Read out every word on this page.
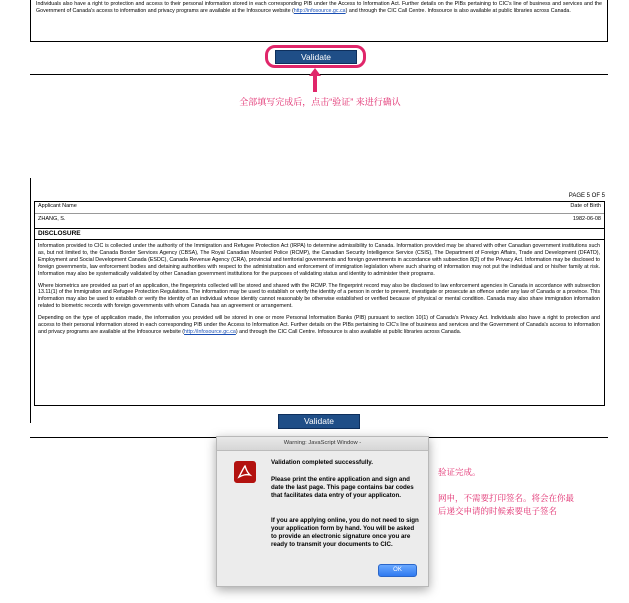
Individuals also have a right to protection and access to their personal information stored in each corresponding PIB under the Access to Information Act. Further details on the PIBs pertaining to CIC's line of business and services and the Government of Canada's access to information and privacy programs are available at the Infosource website (http://infosource.gc.ca) and through the CIC Call Centre. Infosource is also available at public libraries across Canada.
Validate
全部填写完成后，点击“验证” 来进行确认
PAGE 5 OF 5
Applicant Name	Date of Birth
ZHANG, S.	1982-06-08
DISCLOSURE

Information provided to CIC is collected under the authority of the Immigration and Refugee Protection Act (IRPA) to determine admissibility to Canada. Information provided may be shared with other Canadian government institutions such as, but not limited to, the Canada Border Services Agency (CBSA), The Royal Canadian Mounted Police (RCMP), the Canadian Security Intelligence Service (CSIS), The Department of Foreign Affairs, Trade and Development (DFATD), Employment and Social Development Canada (ESDC), Canada Revenue Agency (CRA), provincial and territorial governments and foreign governments in accordance with subsection 8(2) of the Privacy Act. Information may be disclosed to foreign governments, law enforcement bodies and detaining authorities with respect to the administration and enforcement of immigration legislation where such sharing of information may not put the individual and or his/her family at risk. Information may also be systematically validated by other Canadian government institutions for the purposes of validating status and identity to administer their programs.

Where biometrics are provided as part of an application, the fingerprints collected will be stored and shared with the RCMP. The fingerprint record may also be disclosed to law enforcement agencies in Canada in accordance with subsection 13.11(1) of the Immigration and Refugee Protection Regulations. The information may be used to establish or verify the identity of a person in order to prevent, investigate or prosecute an offence under any law of Canada or a province. This information may also be used to establish or verify the identity of an individual whose identity cannot reasonably be otherwise established or verified because of physical or mental condition. Canada may also share immigration information related to biometric records with foreign governments with whom Canada has an agreement or arrangement.

Depending on the type of application made, the information you provided will be stored in one or more Personal Information Banks (PIB) pursuant to section 10(1) of Canada's Privacy Act. Individuals also have a right to protection and access to their personal information stored in each corresponding PIB under the Access to Information Act. Further details on the PIBs pertaining to CIC's line of business and services and the Government of Canada's access to information and privacy programs are available at the Infosource website (http://infosource.gc.ca) and through the CIC Call Centre. Infosource is also available at public libraries across Canada.

Validate
Warning: JavaScript Window -
Validation completed successfully.
Please print the entire application and sign and date the last page. This page contains bar codes that facilitates data entry of your applicaton.
If you are applying online, you do not need to sign your application form by hand. You will be asked to provide an electronic signature once you are ready to transmit your documents to CIC.
OK
验证完成。
网申，不需要打印签名。将会在你最后递交申请的时候索要电子签名
